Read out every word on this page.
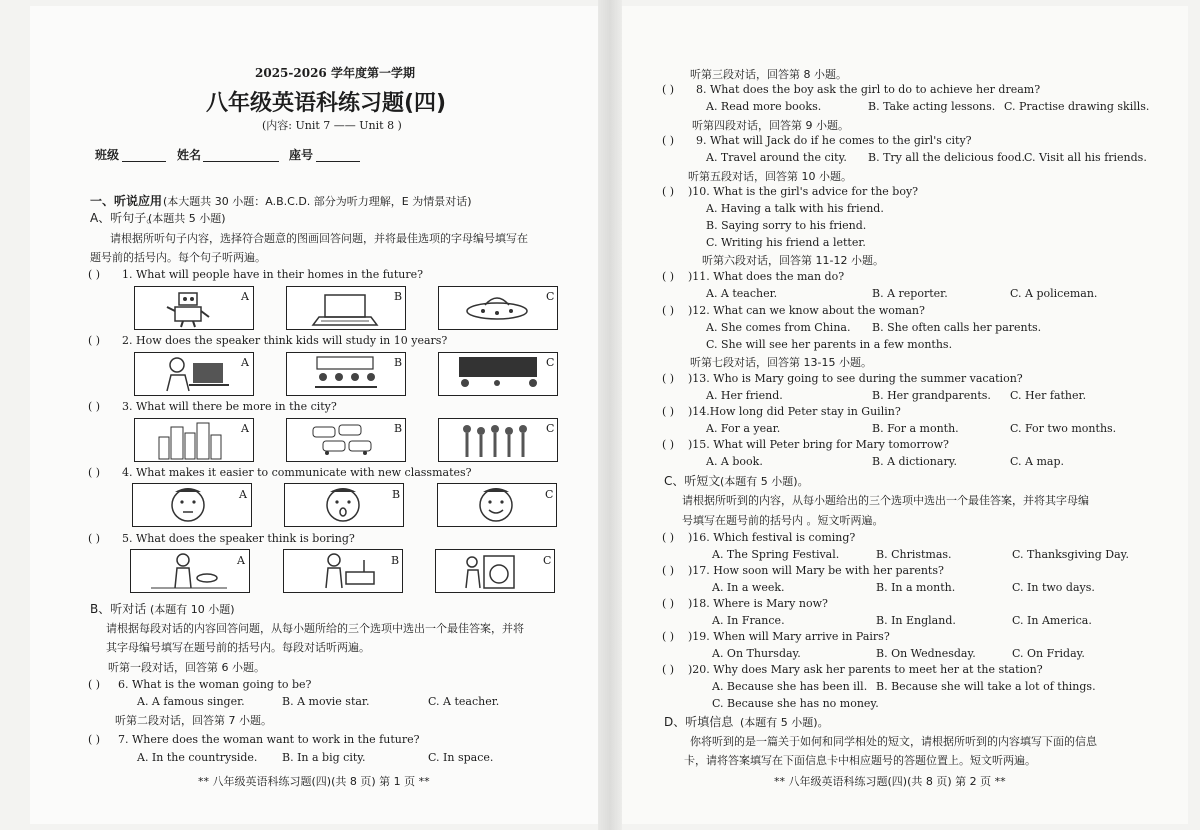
2025-2026 学年度第一学期
八年级英语科练习题(四)
(内容: Unit 7 —— Unit 8 )
班级	姓名	座号
一、听说应用 (本大题共 30 小题：A.B.C.D. 部分为听力理解，E 为情景对话)
A、听句子。
(本题共 5 小题)
请根据所听句子内容，选择符合题意的图画回答问题，并将最佳选项的字母编号填写在
题号前的括号内。每个句子听两遍。
( ) 1. What will people have in their homes in the future?
A	B	C
( ) 2. How does the speaker think kids will study in 10 years?
A	B	C
( ) 3. What will there be more in the city?
A	B	C
( ) 4. What makes it easier to communicate with new classmates?
A	B	C
( ) 5. What does the speaker think is boring?
A	B	C
B、听对话 (本题有 10 小题)
请根据每段对话的内容回答问题，从每小题所给的三个选项中选出一个最佳答案，并将
其字母编号填写在题号前的括号内。每段对话听两遍。
听第一段对话，回答第 6 小题。
( ) 6. What is the woman going to be?
A. A famous singer.	B. A movie star.	C. A teacher.
听第二段对话，回答第 7 小题。
( ) 7. Where does the woman want to work in the future?
A. In the countryside. B. In a big city.	C. In space.
** 八年级英语科练习题(四)(共 8 页) 第 1 页 **
听第三段对话，回答第 8 小题。
( ) 8. What does the boy ask the girl to do to achieve her dream?
A. Read more books.	B. Take acting lessons. C. Practise drawing skills.
听第四段对话，回答第 9 小题。
( ) 9. What will Jack do if he comes to the girl's city?
A. Travel around the city. B. Try all the delicious food. C. Visit all his friends.
听第五段对话，回答第 10 小题。
( ) )10. What is the girl's advice for the boy?
A. Having a talk with his friend.
B. Saying sorry to his friend.
C. Writing his friend a letter.
听第六段对话，回答第 11-12 小题。
( ) )11. What does the man do?
A. A teacher.	B. A reporter.	C. A policeman.
( ) )12. What can we know about the woman?
A. She comes from China. B. She often calls her parents.
C. She will see her parents in a few months.
听第七段对话，回答第 13-15 小题。
( ) )13. Who is Mary going to see during the summer vacation?
A. Her friend.	B. Her grandparents. C. Her father.
( ) )14.How long did Peter stay in Guilin?
A. For a year.	B. For a month.	C. For two months.
( ) )15. What will Peter bring for Mary tomorrow?
A. A book.	B. A dictionary.	C. A map.
C、听短文 (本题有 5 小题)。
请根据所听到的内容，从每小题给出的三个选项中选出一个最佳答案，并将其字母编
号填写在题号前的括号内 。短文听两遍。
( ) )16. Which festival is coming?
A. The Spring Festival.	B. Christmas.	C. Thanksgiving Day.
( ) )17. How soon will Mary be with her parents?
A. In a week.	B. In a month.	C. In two days.
( ) )18. Where is Mary now?
A. In France.	B. In England.	C. In America.
( ) )19. When will Mary arrive in Pairs?
A. On Thursday.	B. On Wednesday.	C. On Friday.
( ) )20. Why does Mary ask her parents to meet her at the station?
A. Because she has been ill. B. Because she will take a lot of things.
C. Because she has no money.
D、听填信息 (本题有 5 小题)。
你将听到的是一篇关于如何和同学相处的短文，请根据所听到的内容填写下面的信息
卡，请将答案填写在下面信息卡中相应题号的答题位置上。短文听两遍。
** 八年级英语科练习题(四)(共 8 页) 第 2 页 **
